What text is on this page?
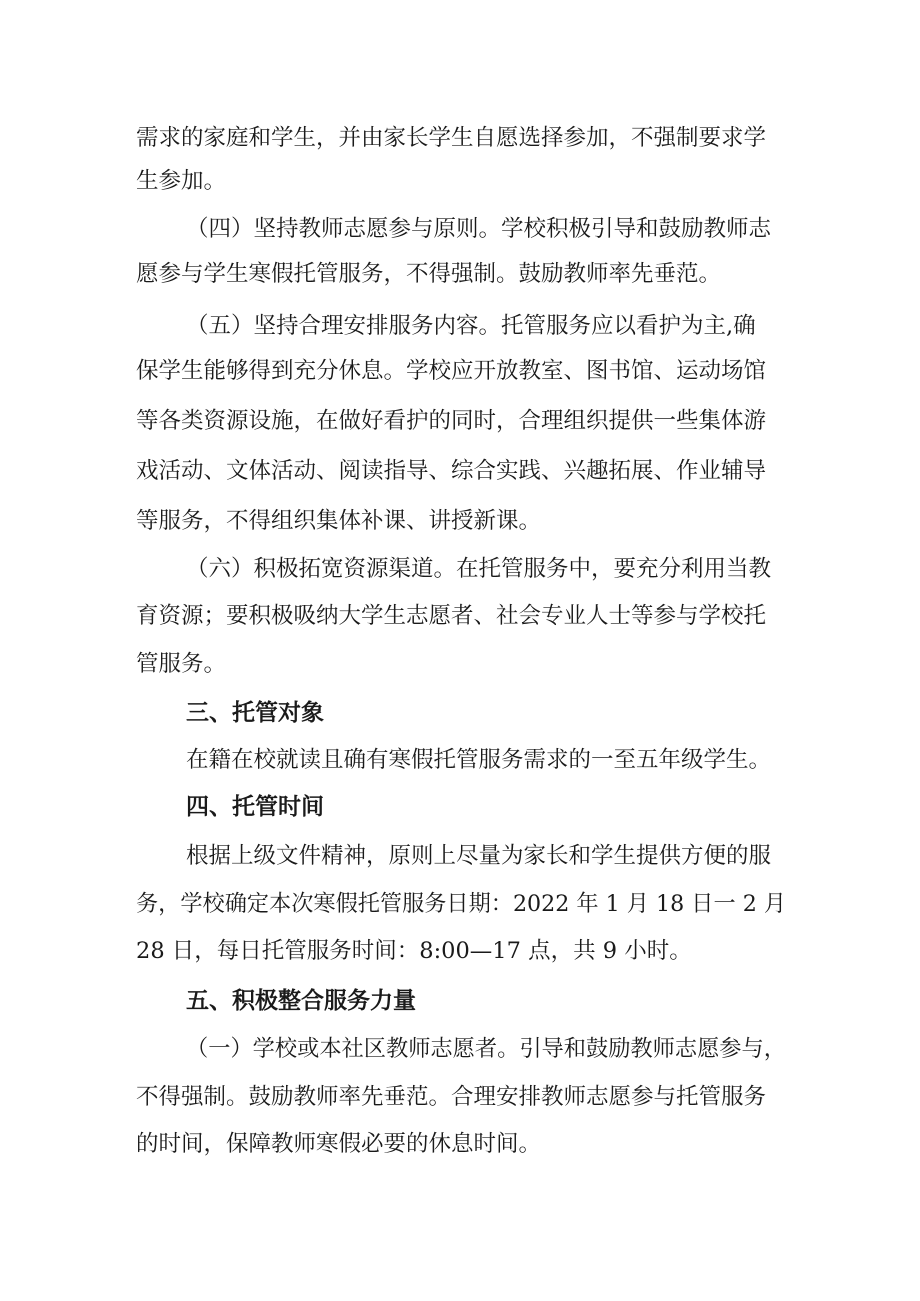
需求的家庭和学生，并由家长学生自愿选择参加，不强制要求学
生参加。
（四）坚持教师志愿参与原则。学校积极引导和鼓励教师志
愿参与学生寒假托管服务，不得强制。鼓励教师率先垂范。
（五）坚持合理安排服务内容。托管服务应以看护为主,确
保学生能够得到充分休息。学校应开放教室、图书馆、运动场馆
等各类资源设施，在做好看护的同时，合理组织提供一些集体游
戏活动、文体活动、阅读指导、综合实践、兴趣拓展、作业辅导
等服务，不得组织集体补课、讲授新课。
（六）积极拓宽资源渠道。在托管服务中，要充分利用当教
育资源；要积极吸纳大学生志愿者、社会专业人士等参与学校托
管服务。
三、托管对象
在籍在校就读且确有寒假托管服务需求的一至五年级学生。
四、托管时间
根据上级文件精神，原则上尽量为家长和学生提供方便的服
务，学校确定本次寒假托管服务日期：2022 年 1 月 18 日一 2 月
28 日，每日托管服务时间：8:00—17 点，共 9 小时。
五、积极整合服务力量
（一）学校或本社区教师志愿者。引导和鼓励教师志愿参与，
不得强制。鼓励教师率先垂范。合理安排教师志愿参与托管服务
的时间，保障教师寒假必要的休息时间。
